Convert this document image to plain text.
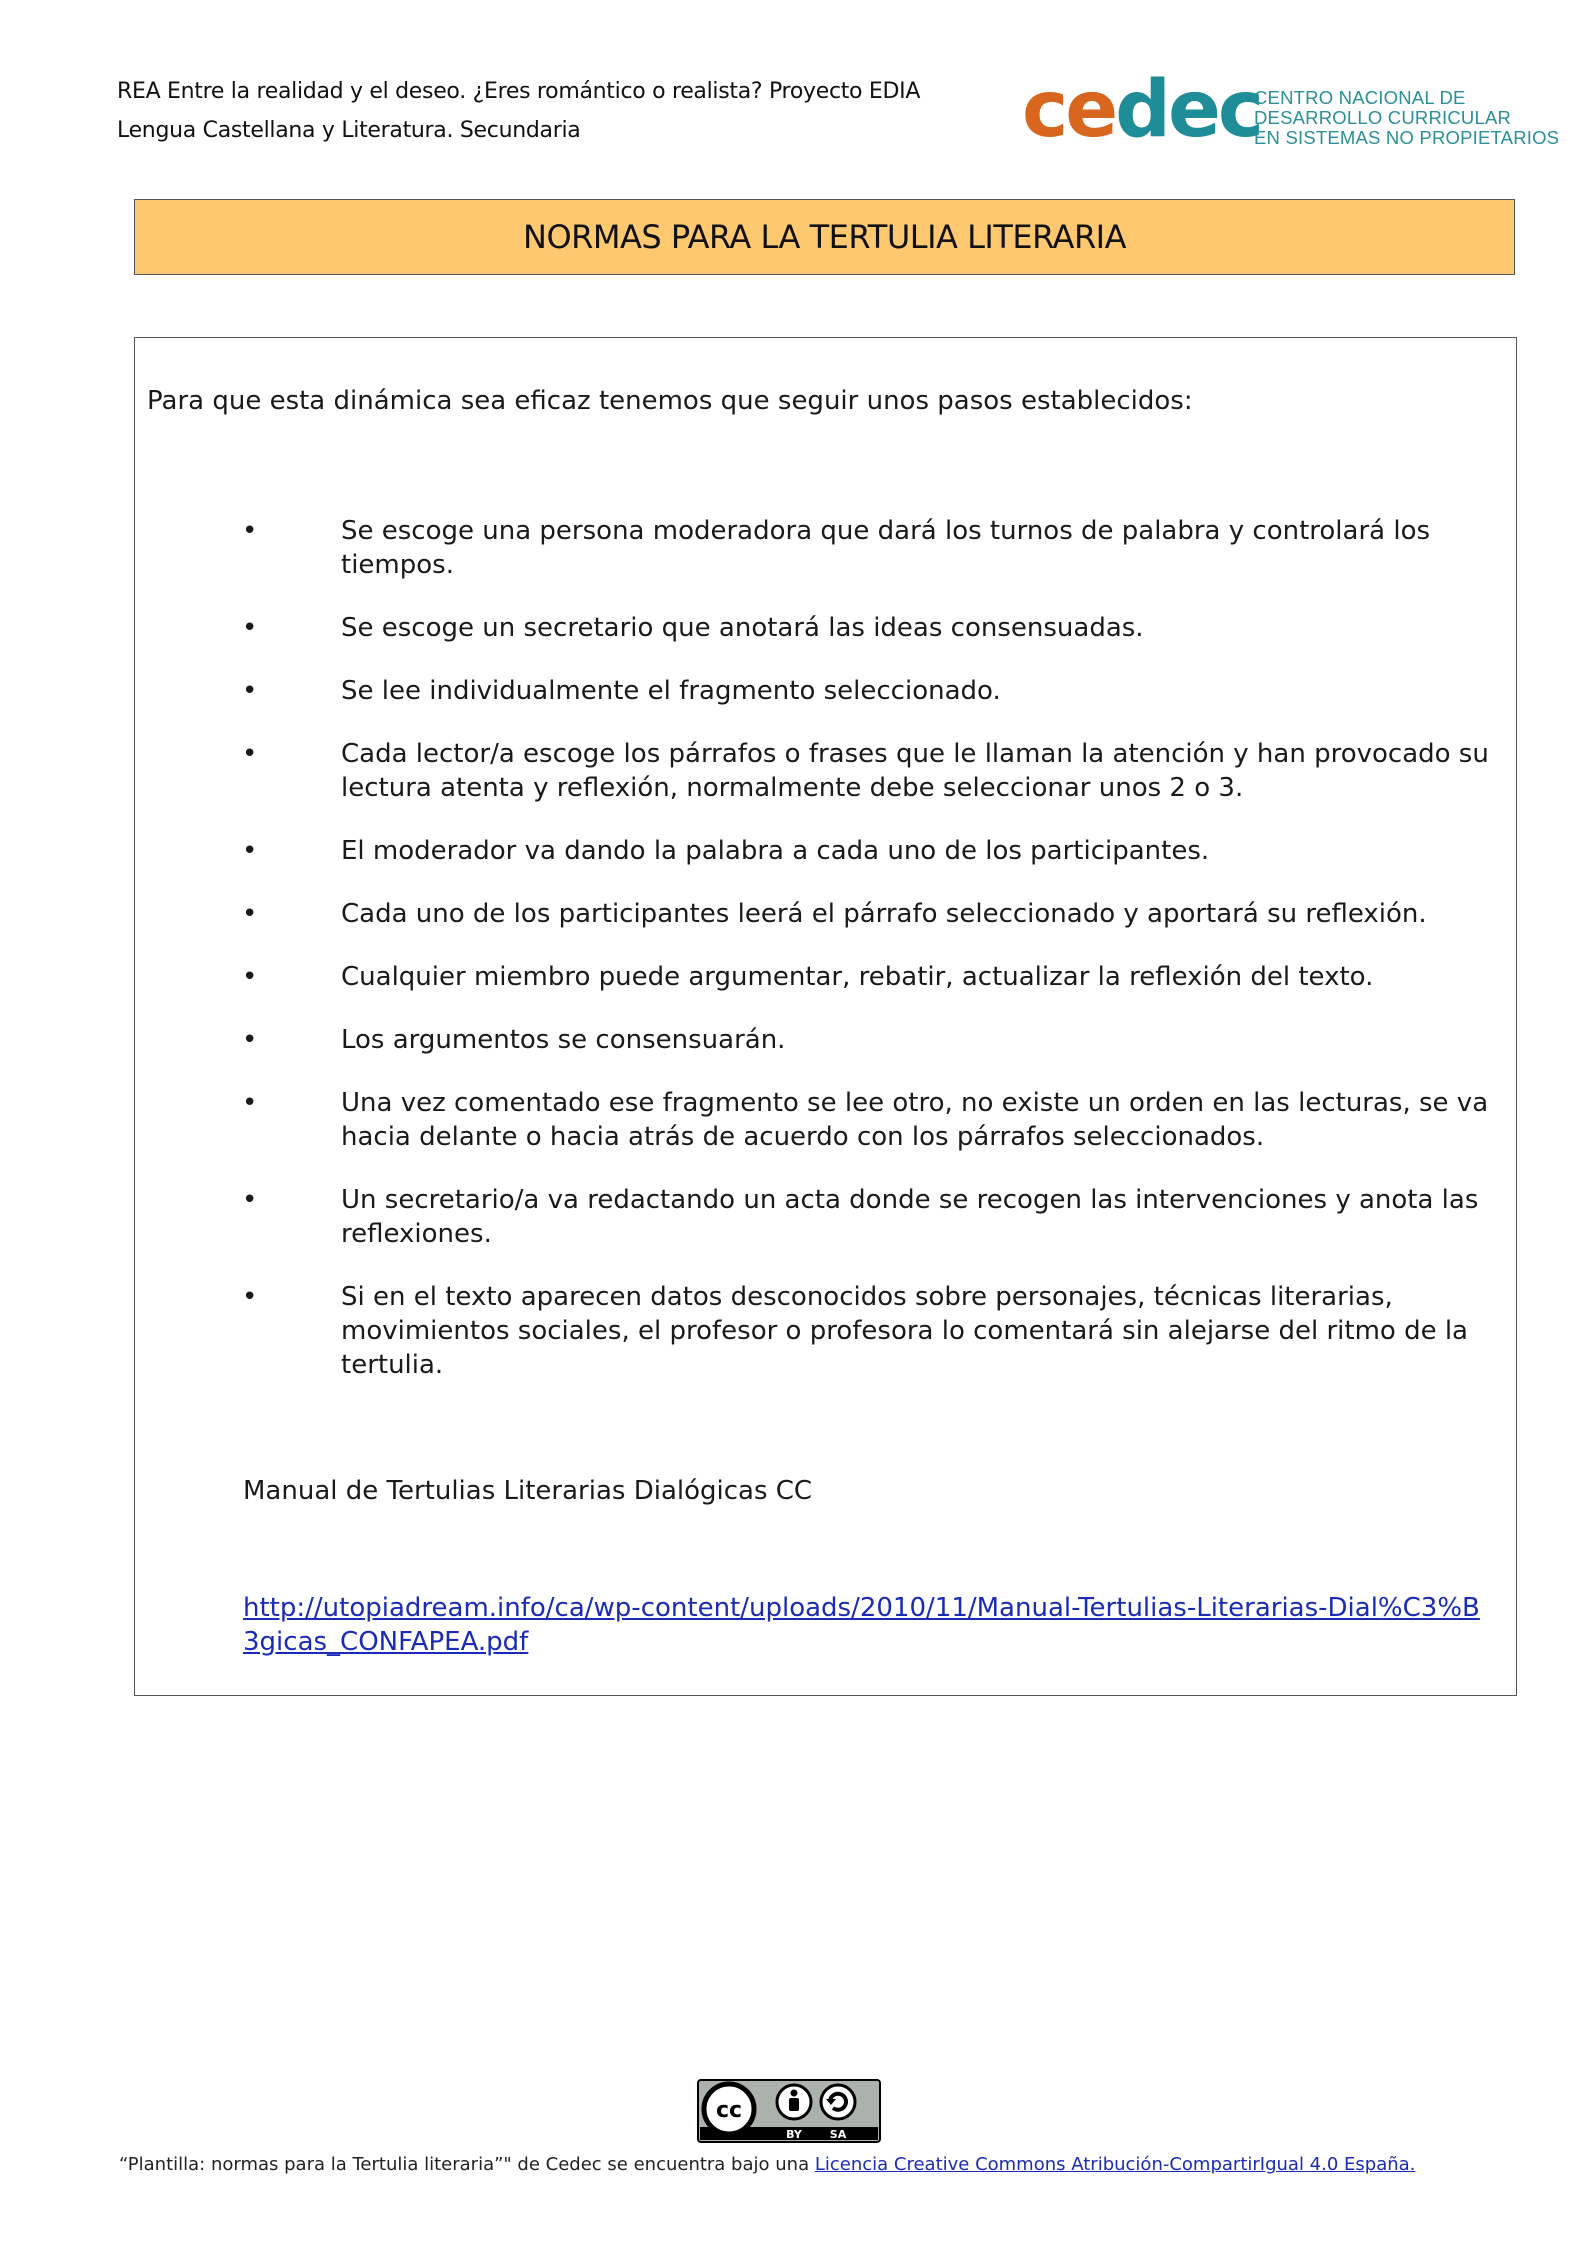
REA Entre la realidad y el deseo. ¿Eres romántico o realista? Proyecto EDIA
Lengua Castellana y Literatura. Secundaria	cedec
CENTRO NACIONAL DE
DESARROLLO CURRICULAR
EN SISTEMAS NO PROPIETARIOS
NORMAS PARA LA TERTULIA LITERARIA
Para que esta dinámica sea eficaz tenemos que seguir unos pasos establecidos:
•	Se escoge una persona moderadora que dará los turnos de palabra y controlará los tiempos.
•	Se escoge un secretario que anotará las ideas consensuadas.
•	Se lee individualmente el fragmento seleccionado.
•	Cada lector/a escoge los párrafos o frases que le llaman la atención y han provocado su lectura atenta y reflexión, normalmente debe seleccionar unos 2 o 3.
•	El moderador va dando la palabra a cada uno de los participantes.
•	Cada uno de los participantes leerá el párrafo seleccionado y aportará su reflexión.
•	Cualquier miembro puede argumentar, rebatir, actualizar la reflexión del texto.
•	Los argumentos se consensuarán.
•	Una vez comentado ese fragmento se lee otro, no existe un orden en las lecturas, se va hacia delante o hacia atrás de acuerdo con los párrafos seleccionados.
•	Un secretario/a va redactando un acta donde se recogen las intervenciones y anota las reflexiones.
•	Si en el texto aparecen datos desconocidos sobre personajes, técnicas literarias, movimientos sociales, el profesor o profesora lo comentará sin alejarse del ritmo de la tertulia.
Manual de Tertulias Literarias Dialógicas CC
http://utopiadream.info/ca/wp-content/uploads/2010/11/Manual-Tertulias-Literarias-Dial%C3%B3gicas_CONFAPEA.pdf
cc
BY	SA
“Plantilla: normas para la Tertulia literaria”" de Cedec se encuentra bajo una Licencia Creative Commons Atribución-CompartirIgual 4.0 España.
